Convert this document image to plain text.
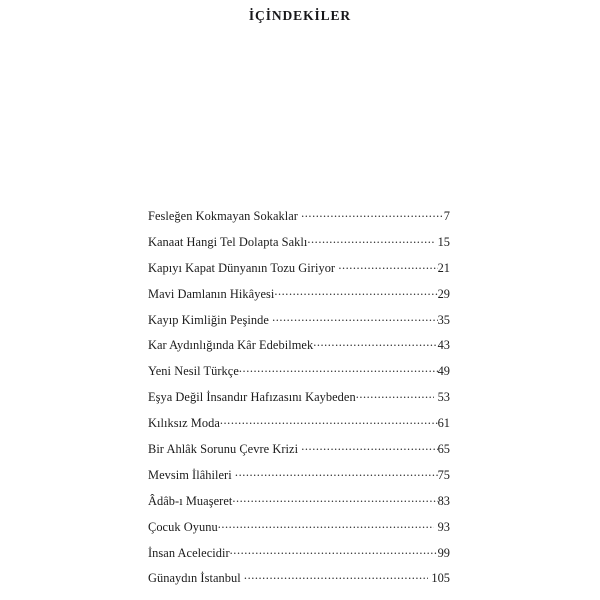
İÇİNDEKİLER
Fesleğen Kokmayan Sokaklar .....	7
Kanaat Hangi Tel Dolapta Saklı .....	15
Kapıyı Kapat Dünyanın Tozu Giriyor .....	21
Mavi Damlanın Hikâyesi .....	29
Kayıp Kimliğin Peşinde .....	35
Kar Aydınlığında Kâr Edebilmek .....	43
Yeni Nesil Türkçe .....	49
Eşya Değil İnsandır Hafızasını Kaybeden .....	53
Kılıksız Moda .....	61
Bir Ahlâk Sorunu Çevre Krizi .....	65
Mevsim İlâhileri .....	75
Âdâb-ı Muaşeret .....	83
Çocuk Oyunu .....	93
İnsan Acelecidir .....	99
Günaydın İstanbul .....	105
